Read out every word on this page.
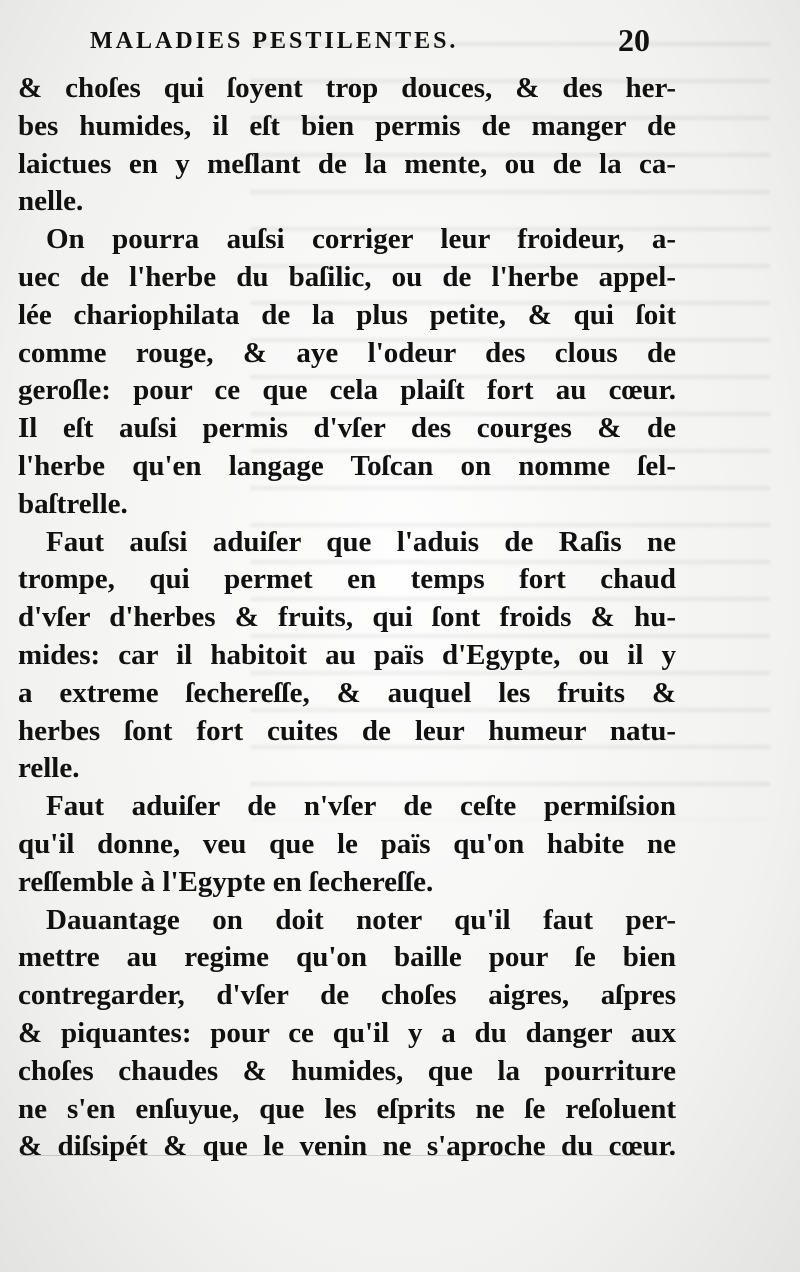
MALADIES PESTILENTES.	20
& choſes qui ſoyent trop douces, & des her-
bes humides, il eſt bien permis de manger de
laictues en y meſlant de la mente, ou de la ca-
nelle.
On pourra auſsi corriger leur froideur, a-
uec de l'herbe du baſilic, ou de l'herbe appel-
lée chariophilata de la plus petite, & qui ſoit
comme rouge, & aye l'odeur des clous de
geroſle: pour ce que cela plaiſt fort au cœur.
Il eſt auſsi permis d'vſer des courges & de
l'herbe qu'en langage Toſcan on nomme ſel-
baſtrelle.
Faut auſsi aduiſer que l'aduis de Raſis ne
trompe, qui permet en temps fort chaud
d'vſer d'herbes & fruits, qui ſont froids & hu-
mides: car il habitoit au païs d'Egypte, ou il y
a extreme ſechereſſe, & auquel les fruits &
herbes ſont fort cuites de leur humeur natu-
relle.
Faut aduiſer de n'vſer de ceſte permiſsion
qu'il donne, veu que le païs qu'on habite ne
reſſemble à l'Egypte en ſechereſſe.
Dauantage on doit noter qu'il faut per-
mettre au regime qu'on baille pour ſe bien
contregarder, d'vſer de choſes aigres, aſpres
& piquantes: pour ce qu'il y a du danger aux
choſes chaudes & humides, que la pourriture
ne s'en enſuyue, que les eſprits ne ſe reſoluent
& diſsipét & que le venin ne s'aproche du cœur.
